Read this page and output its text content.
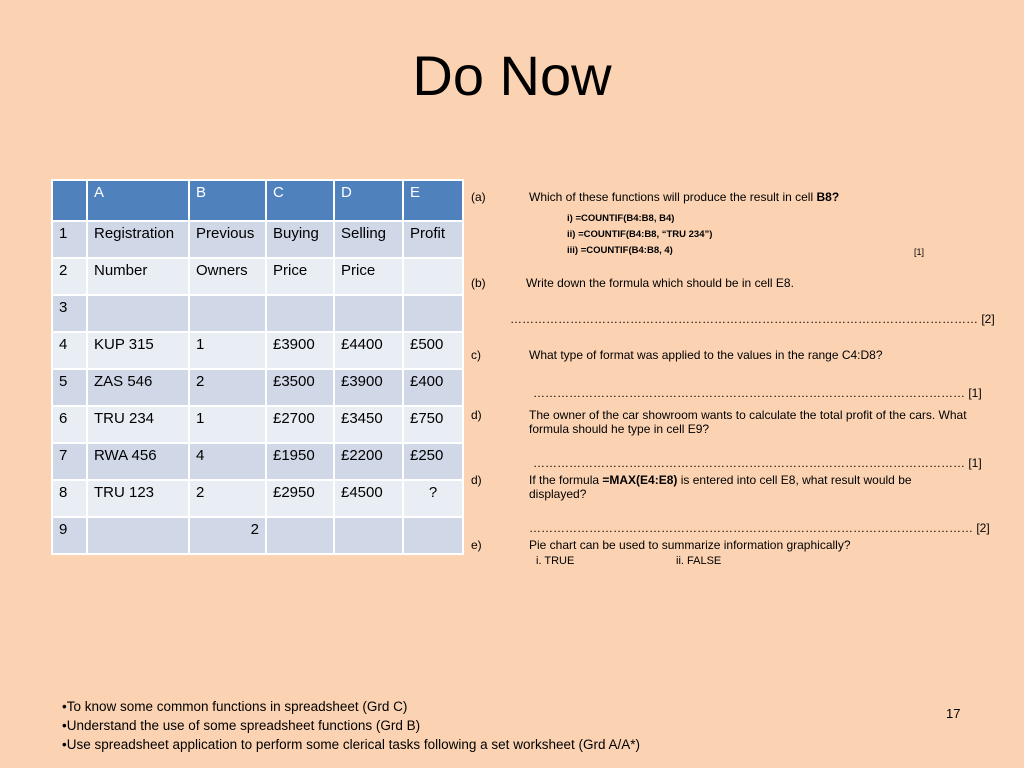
Do Now
	A	B	C	D	E
1	Registration	Previous	Buying	Selling	Profit
2	Number	Owners	Price	Price	
3					
4	KUP 315	1	£3900	£4400	£500
5	ZAS 546	2	£3500	£3900	£400
6	TRU 234	1	£2700	£3450	£750
7	RWA 456	4	£1950	£2200	£250
8	TRU 123	2	£2950	£4500	?
9		2			
(a)	Which of these functions will produce the result in cell B8?
i) =COUNTIF(B4:B8, B4)
ii) =COUNTIF(B4:B8, “TRU 234”)
iii) =COUNTIF(B4:B8, 4)	[1]
(b)	Write down the formula which should be in cell E8.
……………………………………………………………………………………………………… [2]
c)	What type of format was applied to the values in the range C4:D8?
……………………………………………………………………………………………… [1]
d)	The owner of the car showroom wants to calculate the total profit of the cars. What formula should he type in cell E9?
……………………………………………………………………………………………… [1]
d)	If the formula =MAX(E4:E8) is entered into cell E8, what result would be displayed?
………………………………………………………………………………………………… [2]
e)	Pie chart can be used to summarize information graphically?
i. TRUE	ii. FALSE
•To know some common functions in spreadsheet (Grd C)
•Understand the use of some spreadsheet functions (Grd B)
•Use spreadsheet application to perform some clerical tasks following a set worksheet (Grd A/A*)
17
